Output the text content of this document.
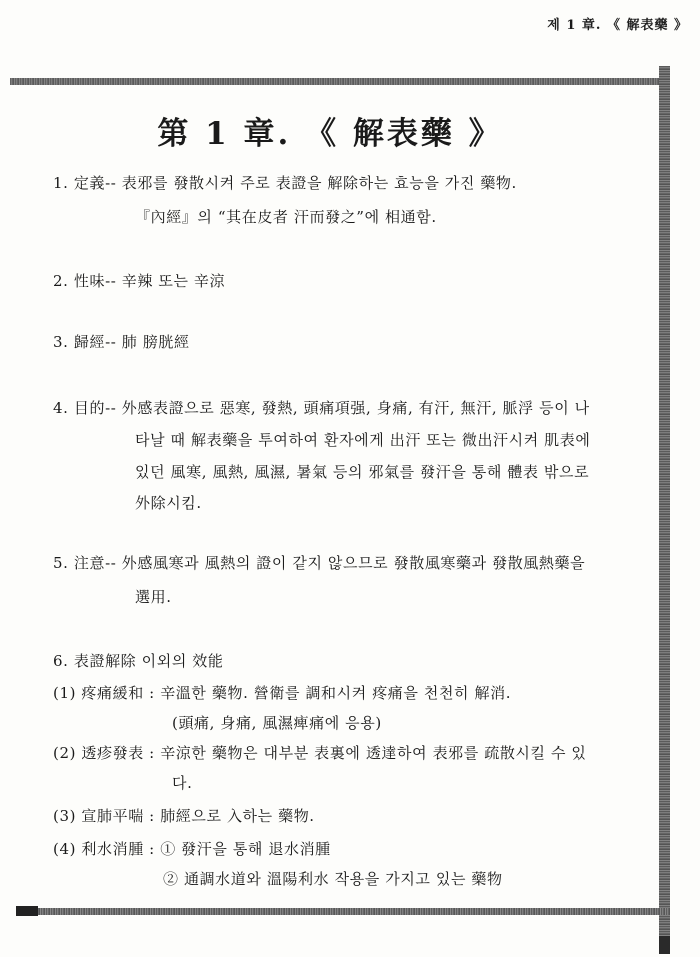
제 1 章. 《 解表藥 》
第 1 章. 《 解表藥 》
1. 定義-- 表邪를 發散시켜 주로 表證을 解除하는 효능을 가진 藥物.
『內經』의 “其在皮者 汗而發之”에 相通함.
2. 性味-- 辛辣 또는 辛涼
3. 歸經-- 肺 膀胱經
4. 目的-- 外感表證으로 惡寒, 發熱, 頭痛項强, 身痛, 有汗, 無汗, 脈浮 등이 나
타날 때 解表藥을 투여하여 환자에게 出汗 또는 微出汗시켜 肌表에
있던 風寒, 風熱, 風濕, 暑氣 등의 邪氣를 發汗을 통해 體表 밖으로
外除시킴.
5. 注意-- 外感風寒과 風熱의 證이 같지 않으므로 發散風寒藥과 發散風熱藥을
選用.
6. 表證解除 이외의 效能
(1) 疼痛緩和 : 辛溫한 藥物. 營衛를 調和시켜 疼痛을 천천히 解消.
(頭痛, 身痛, 風濕痺痛에 응용)
(2) 透疹發表 : 辛涼한 藥物은 대부분 表裏에 透達하여 表邪를 疏散시킬 수 있
다.
(3) 宣肺平喘 : 肺經으로 入하는 藥物.
(4) 利水消腫 : ① 發汗을 통해 退水消腫
② 通調水道와 溫陽利水 작용을 가지고 있는 藥物
